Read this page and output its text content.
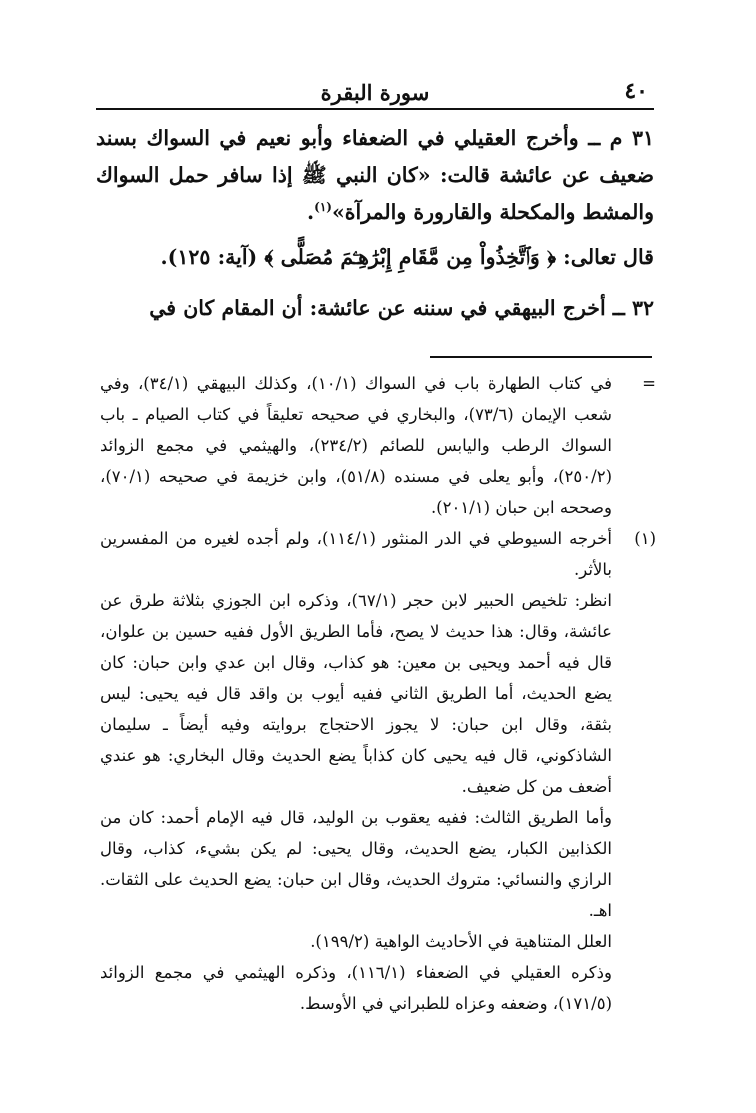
٤٠
سورة البقرة

٣١ م ــ وأخرج العقيلي في الضعفاء وأبو نعيم في السواك بسند ضعيف عن عائشة قالت: «كان النبي ﷺ إذا سافر حمل السواك والمشط والمكحلة والقارورة والمرآة»$^{(١)}$.

قال تعالى: ﴿ وَٱتَّخِذُواْ مِن مَّقَامِ إِبْرَٰهِـۧمَ مُصَلًّى ﴾ (آية: ١٢٥).

٣٢ ــ أخرج البيهقي في سننه عن عائشة: أن المقام كان في

=
في كتاب الطهارة باب في السواك (١٠/١)، وكذلك البيهقي (٣٤/١)، وفي شعب الإيمان (٧٣/٦)، والبخاري في صحيحه تعليقاً في كتاب الصيام ـ باب السواك الرطب واليابس للصائم (٢٣٤/٢)، والهيثمي في مجمع الزوائد (٢٥٠/٢)، وأبو يعلى في مسنده (٥١/٨)، وابن خزيمة في صحيحه (٧٠/١)، وصححه ابن حبان (٢٠١/١).
(١)
أخرجه السيوطي في الدر المنثور (١١٤/١)، ولم أجده لغيره من المفسرين بالأثر.

انظر: تلخيص الحبير لابن حجر (٦٧/١)، وذكره ابن الجوزي بثلاثة طرق عن عائشة، وقال: هذا حديث لا يصح، فأما الطريق الأول ففيه حسين بن علوان، قال فيه أحمد ويحيى بن معين: هو كذاب، وقال ابن عدي وابن حبان: كان يضع الحديث، أما الطريق الثاني ففيه أيوب بن واقد قال فيه يحيى: ليس بثقة، وقال ابن حبان: لا يجوز الاحتجاج بروايته وفيه أيضاً ـ سليمان الشاذكوني، قال فيه يحيى كان كذاباً يضع الحديث وقال البخاري: هو عندي أضعف من كل ضعيف.

وأما الطريق الثالث: ففيه يعقوب بن الوليد، قال فيه الإمام أحمد: كان من الكذابين الكبار، يضع الحديث، وقال يحيى: لم يكن بشيء، كذاب، وقال الرازي والنسائي: متروك الحديث، وقال ابن حبان: يضع الحديث على الثقات. اهـ.

العلل المتناهية في الأحاديث الواهية (١٩٩/٢).

وذكره العقيلي في الضعفاء (١١٦/١)، وذكره الهيثمي في مجمع الزوائد (١٧١/٥)، وضعفه وعزاه للطبراني في الأوسط.
